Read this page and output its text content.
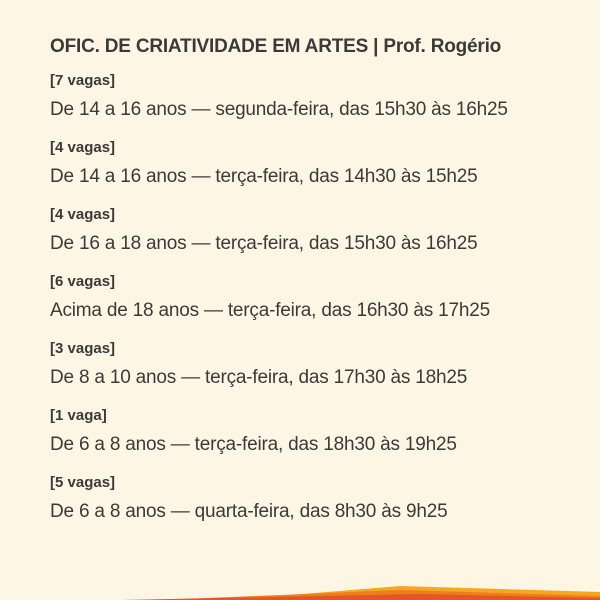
OFIC. DE CRIATIVIDADE EM ARTES | Prof. Rogério
[7 vagas]
De 14 a 16 anos — segunda-feira, das 15h30 às 16h25
[4 vagas]
De 14 a 16 anos — terça-feira, das 14h30 às 15h25
[4 vagas]
De 16 a 18 anos — terça-feira, das 15h30 às 16h25
[6 vagas]
Acima de 18 anos — terça-feira, das 16h30 às 17h25
[3 vagas]
De 8 a 10 anos — terça-feira, das 17h30 às 18h25
[1 vaga]
De 6 a 8 anos — terça-feira, das 18h30 às 19h25
[5 vagas]
De 6 a 8 anos — quarta-feira, das 8h30 às 9h25
